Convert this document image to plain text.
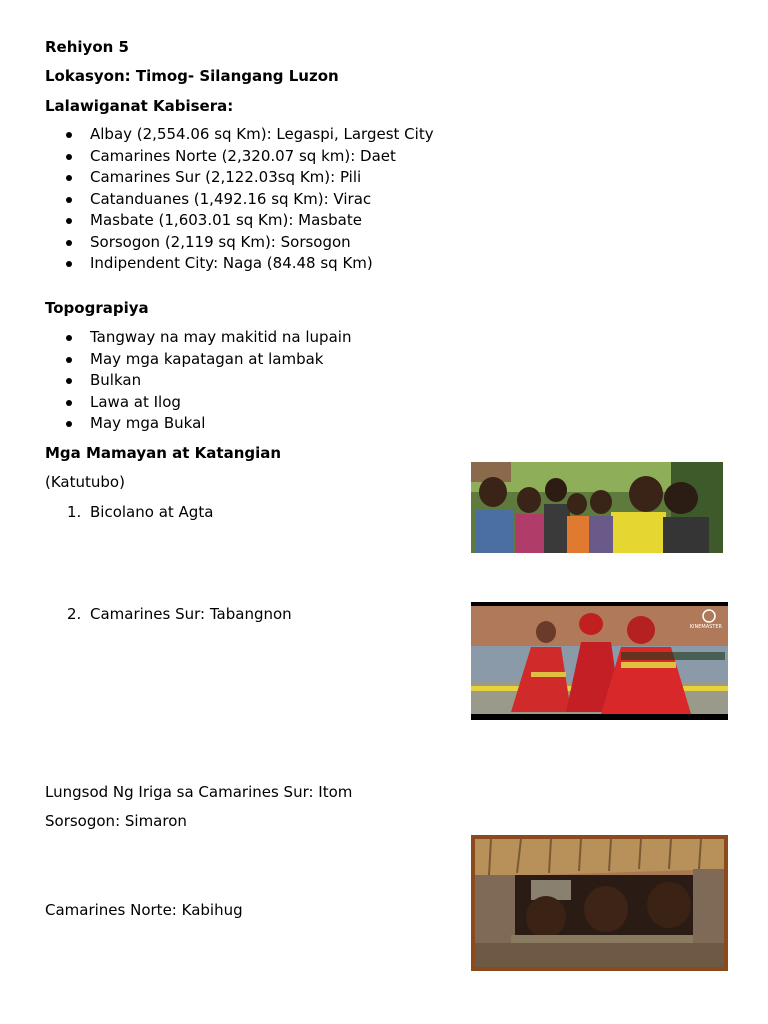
Rehiyon 5
Lokasyon: Timog- Silangang Luzon
Lalawiganat Kabisera:
Albay (2,554.06 sq Km): Legaspi, Largest City
Camarines Norte (2,320.07 sq km): Daet
Camarines Sur (2,122.03sq Km): Pili
Catanduanes (1,492.16 sq Km): Virac
Masbate (1,603.01 sq Km): Masbate
Sorsogon (2,119 sq Km): Sorsogon
Indipendent City: Naga (84.48 sq Km)
Topograpiya
Tangway na may makitid na lupain
May mga kapatagan at lambak
Bulkan
Lawa at Ilog
May mga Bukal
Mga Mamayan at Katangian
(Katutubo)
1. Bicolano at Agta
2. Camarines Sur: Tabangnon
Lungsod Ng Iriga sa Camarines Sur: Itom
Sorsogon: Simaron
Camarines Norte: Kabihug
KINEMASTER
